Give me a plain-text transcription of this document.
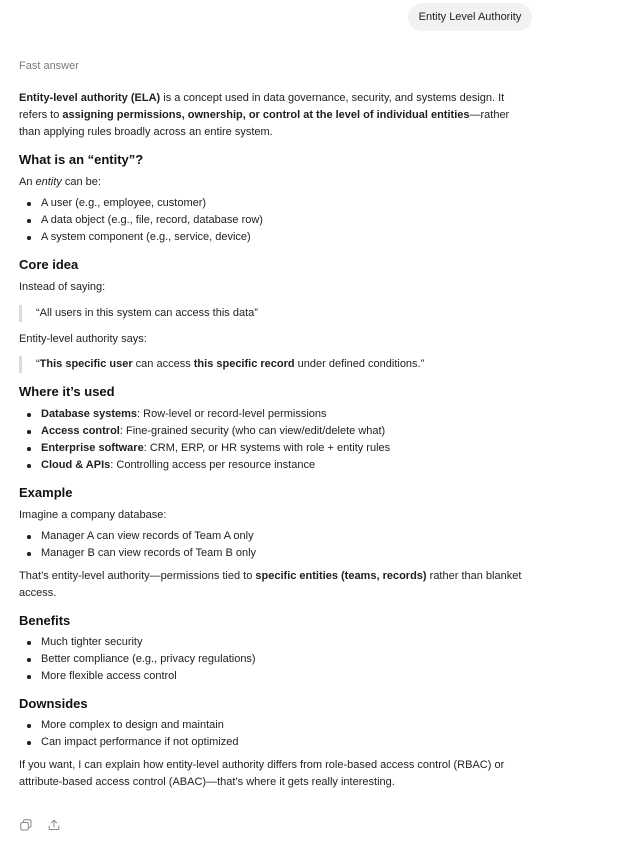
Entity Level Authority
Fast answer

Entity-level authority (ELA) is a concept used in data governance, security, and systems design. It refers to assigning permissions, ownership, or control at the level of individual entities—rather than applying rules broadly across an entire system.

What is an “entity”?

An entity can be:

A user (e.g., employee, customer)
A data object (e.g., file, record, database row)
A system component (e.g., service, device)
Core idea

Instead of saying:

“All users in this system can access this data”

Entity-level authority says:

“This specific user can access this specific record under defined conditions.”
Where it’s used
Database systems: Row-level or record-level permissions
Access control: Fine-grained security (who can view/edit/delete what)
Enterprise software: CRM, ERP, or HR systems with role + entity rules
Cloud & APIs: Controlling access per resource instance
Example

Imagine a company database:

Manager A can view records of Team A only
Manager B can view records of Team B only

That’s entity-level authority—permissions tied to specific entities (teams, records) rather than blanket access.

Benefits
Much tighter security
Better compliance (e.g., privacy regulations)
More flexible access control
Downsides
More complex to design and maintain
Can impact performance if not optimized

If you want, I can explain how entity-level authority differs from role-based access control (RBAC) or attribute-based access control (ABAC)—that’s where it gets really interesting.
